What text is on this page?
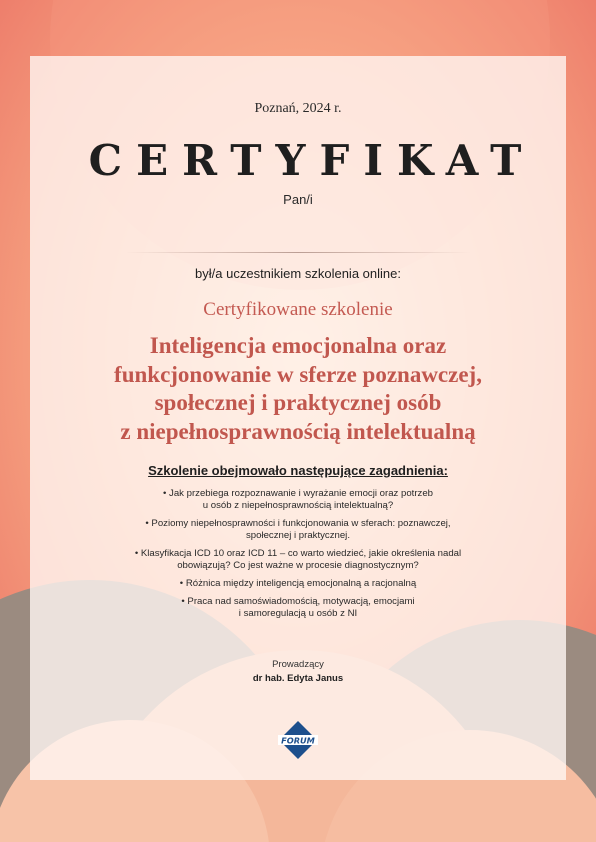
Poznań, 2024 r.
CERTYFIKAT
Pan/i
był/a uczestnikiem szkolenia online:
Certyfikowane szkolenie
Inteligencja emocjonalna oraz
funkcjonowanie w sferze poznawczej,
społecznej i praktycznej osób
z niepełnosprawnością intelektualną
Szkolenie obejmowało następujące zagadnienia:
• Jak przebiega rozpoznawanie i wyrażanie emocji oraz potrzeb
u osób z niepełnosprawnością intelektualną?
• Poziomy niepełnosprawności i funkcjonowania w sferach: poznawczej,
społecznej i praktycznej.
• Klasyfikacja ICD 10 oraz ICD 11 – co warto wiedzieć, jakie określenia nadal
obowiązują? Co jest ważne w procesie diagnostycznym?
• Różnica między inteligencją emocjonalną a racjonalną
• Praca nad samoświadomością, motywacją, emocjami
i samoregulacją u osób z NI
Prowadzący
dr hab. Edyta Janus
FORUM
